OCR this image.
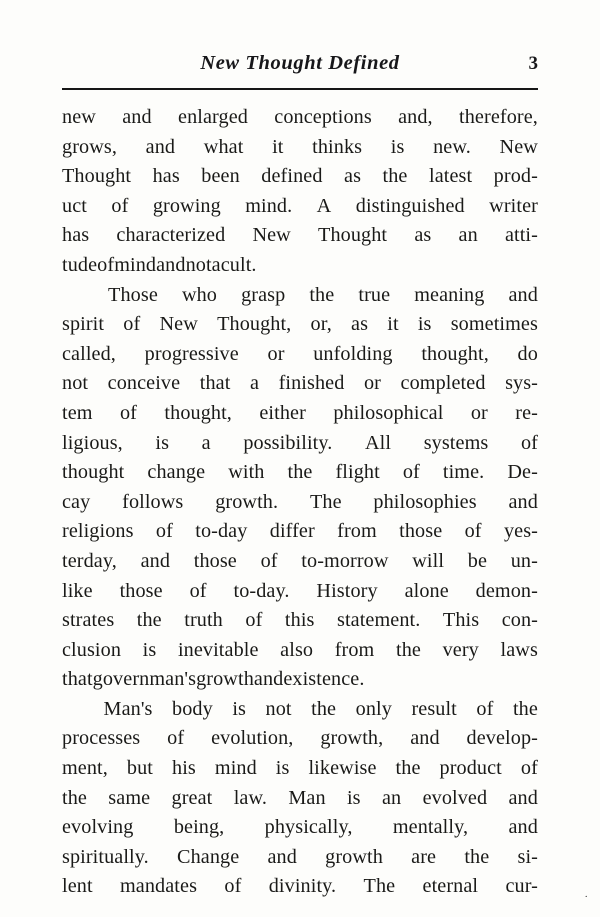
New Thought Defined	3
new and enlarged conceptions and, therefore,
grows, and what it thinks is new. New
Thought has been defined as the latest prod-
uct of growing mind. A distinguished writer
has characterized New Thought as an atti-
tude of mind and not a cult.
Those who grasp the true meaning and
spirit of New Thought, or, as it is sometimes
called, progressive or unfolding thought, do
not conceive that a finished or completed sys-
tem of thought, either philosophical or re-
ligious, is a possibility. All systems of
thought change with the flight of time. De-
cay follows growth. The philosophies and
religions of to-day differ from those of yes-
terday, and those of to-morrow will be un-
like those of to-day. History alone demon-
strates the truth of this statement. This con-
clusion is inevitable also from the very laws
that govern man's growth and existence.
Man's body is not the only result of the
processes of evolution, growth, and develop-
ment, but his mind is likewise the product of
the same great law. Man is an evolved and
evolving being, physically, mentally, and
spiritually. Change and growth are the si-
lent mandates of divinity. The eternal cur-	·
